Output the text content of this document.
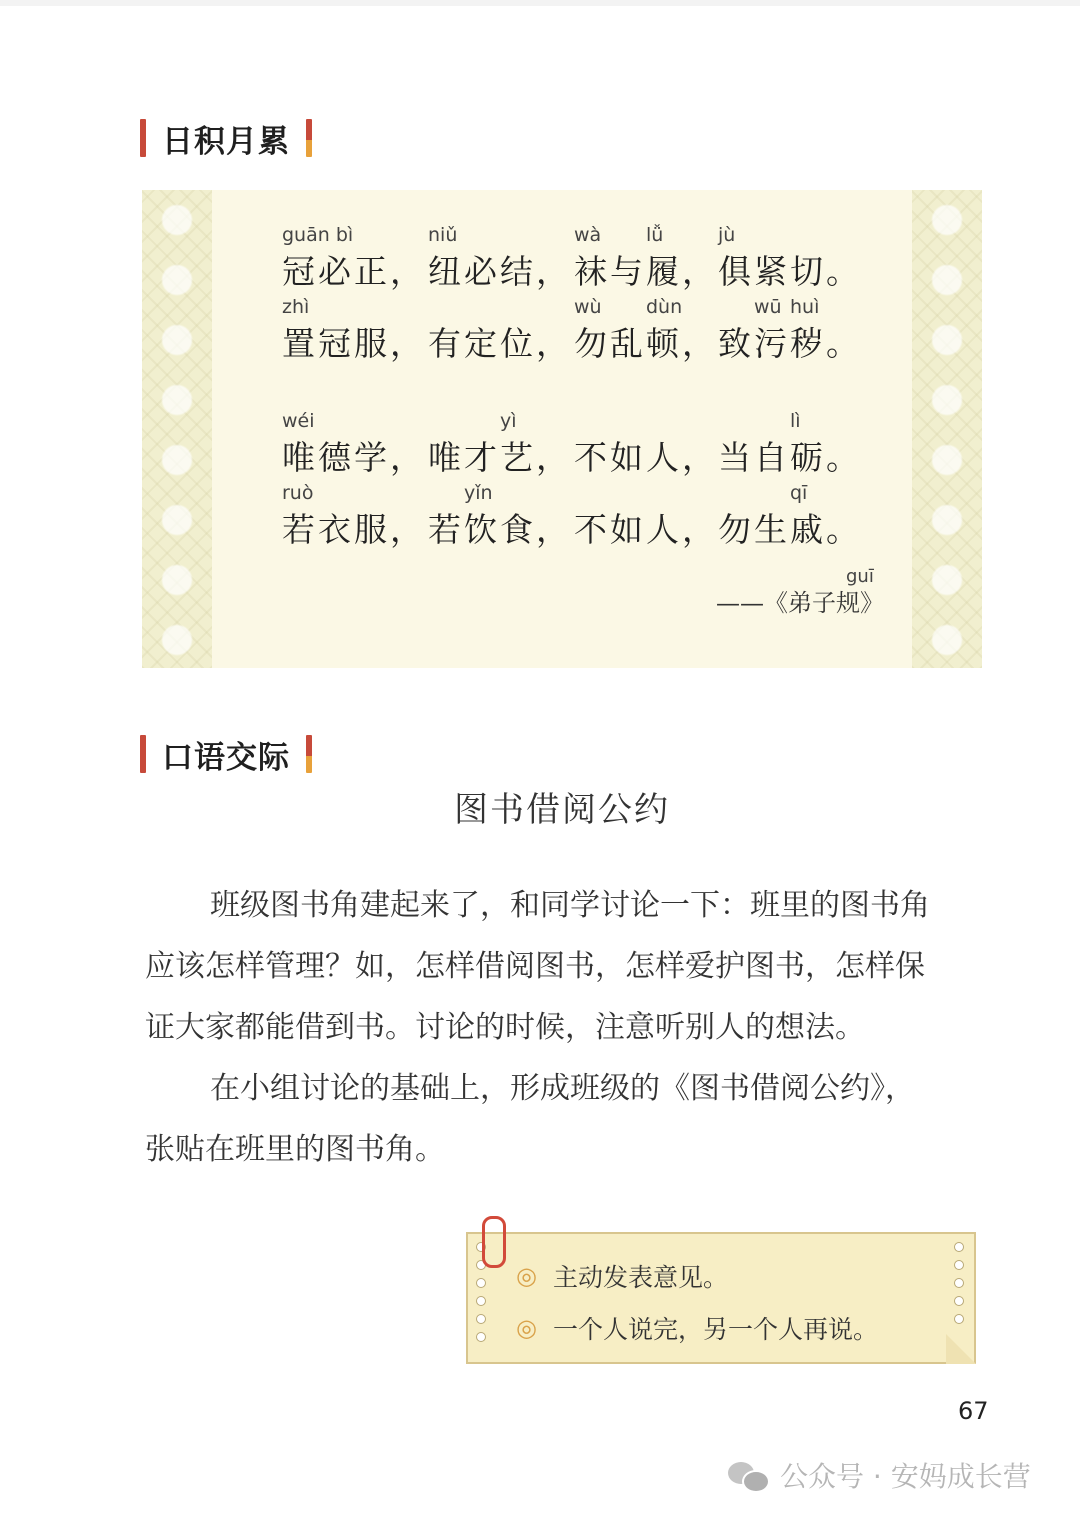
日积月累
guān bì
冠必正，
niǔ
纽必结，
wà lǚ
袜与履，
jù
俱紧切。
zhì
置冠服， 有定位，
wù dùn
勿乱顿，
wū huì
致污秽。
wéi
唯德学，
yì
唯才艺， 不如人，
lì
当自砺。
ruò
若衣服，
yǐn
若饮食， 不如人，
qī
勿生戚。
guī
——《弟子规》
口语交际
图书借阅公约

班级图书角建起来了，和同学讨论一下：班里的图书角

应该怎样管理？如，怎样借阅图书，怎样爱护图书，怎样保

证大家都能借到书。讨论的时候，注意听别人的想法。

在小组讨论的基础上，形成班级的《图书借阅公约》，

张贴在班里的图书角。

◎ 主动发表意见。
◎ 一个人说完，另一个人再说。
67
公众号 · 安妈成长营
